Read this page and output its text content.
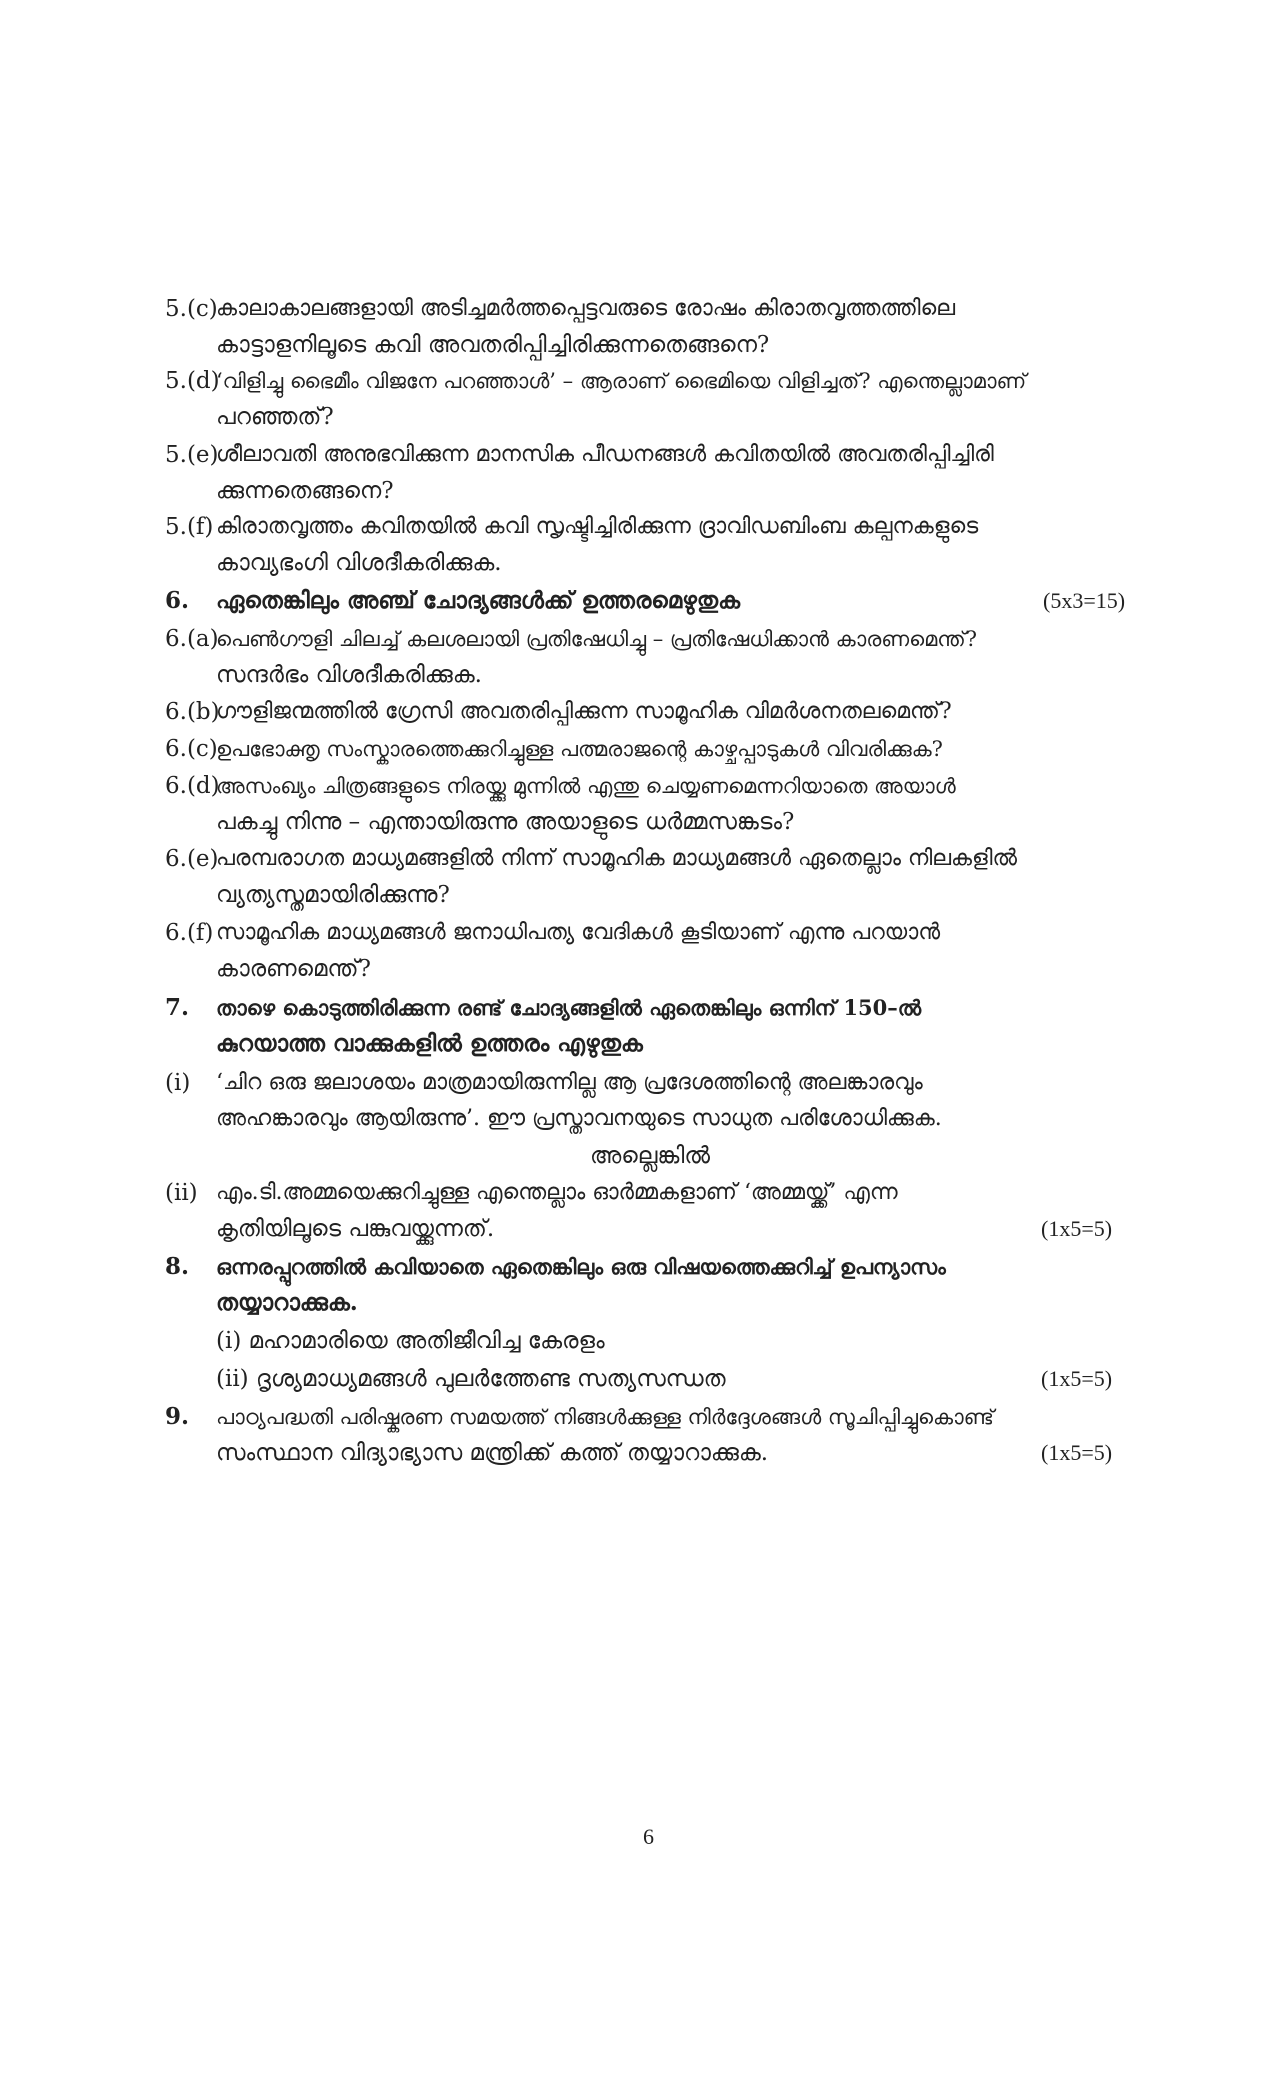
5.(c)
കാലാകാലങ്ങളായി അടിച്ചമർത്തപ്പെട്ടവരുടെ രോഷം കിരാതവൃത്തത്തിലെ
കാട്ടാളനിലൂടെ കവി അവതരിപ്പിച്ചിരിക്കുന്നതെങ്ങനെ?
5.(d)
‘വിളിച്ചു ഭൈമീം വിജനേ പറഞ്ഞാൾ’ – ആരാണ് ഭൈമിയെ വിളിച്ചത്? എന്തെല്ലാമാണ്
പറഞ്ഞത്?
5.(e)
ശീലാവതി അനുഭവിക്കുന്ന മാനസിക പീഡനങ്ങൾ കവിതയിൽ അവതരിപ്പിച്ചിരി
ക്കുന്നതെങ്ങനെ?
5.(f) കിരാതവൃത്തം കവിതയിൽ കവി സൃഷ്ടിച്ചിരിക്കുന്ന ദ്രാവിഡബിംബ കല്പനകളുടെ
കാവ്യഭംഗി വിശദീകരിക്കുക.
6. ഏതെങ്കിലും അഞ്ച് ചോദ്യങ്ങൾക്ക് ഉത്തരമെഴുതുക	(5x3=15)
6.(a)
പെൺഗൗളി ചിലച്ച് കലശലായി പ്രതിഷേധിച്ചു – പ്രതിഷേധിക്കാൻ കാരണമെന്ത്?
സന്ദർഭം വിശദീകരിക്കുക.
6.(b)
ഗൗളിജന്മത്തിൽ ഗ്രേസി അവതരിപ്പിക്കുന്ന സാമൂഹിക വിമർശനതലമെന്ത്?
6.(c)
ഉപഭോക്തൃ സംസ്കാരത്തെക്കുറിച്ചുള്ള പത്മരാജന്റെ കാഴ്ചപ്പാടുകൾ വിവരിക്കുക?
6.(d)
അസംഖ്യം ചിത്രങ്ങളുടെ നിരയ്ക്കു മുന്നിൽ എന്തു ചെയ്യണമെന്നറിയാതെ അയാൾ
പകച്ചു നിന്നു – എന്തായിരുന്നു അയാളുടെ ധർമ്മസങ്കടം?
6.(e)
പരമ്പരാഗത മാധ്യമങ്ങളിൽ നിന്ന് സാമൂഹിക മാധ്യമങ്ങൾ ഏതെല്ലാം നിലകളിൽ
വ്യത്യസ്തമായിരിക്കുന്നു?
6.(f) സാമൂഹിക മാധ്യമങ്ങൾ ജനാധിപത്യ വേദികൾ കൂടിയാണ് എന്നു പറയാൻ
കാരണമെന്ത്?
7. താഴെ കൊടുത്തിരിക്കുന്ന രണ്ട് ചോദ്യങ്ങളിൽ ഏതെങ്കിലും ഒന്നിന് 150–ൽ
കുറയാത്ത വാക്കുകളിൽ ഉത്തരം എഴുതുക
(i) ‘ചിറ ഒരു ജലാശയം മാത്രമായിരുന്നില്ല ആ പ്രദേശത്തിന്റെ അലങ്കാരവും
അഹങ്കാരവും ആയിരുന്നു’. ഈ പ്രസ്താവനയുടെ സാധുത പരിശോധിക്കുക.
അല്ലെങ്കിൽ
(ii) എം.ടി.അമ്മയെക്കുറിച്ചുള്ള എന്തെല്ലാം ഓർമ്മകളാണ് ‘അമ്മയ്ക്ക്’ എന്ന
കൃതിയിലൂടെ പങ്കുവയ്ക്കുന്നത്.	(1x5=5)
8. ഒന്നരപ്പുറത്തിൽ കവിയാതെ ഏതെങ്കിലും ഒരു വിഷയത്തെക്കുറിച്ച് ഉപന്യാസം
തയ്യാറാക്കുക.
(i) മഹാമാരിയെ അതിജീവിച്ച കേരളം
(ii) ദൃശ്യമാധ്യമങ്ങൾ പുലർത്തേണ്ട സത്യസന്ധത	(1x5=5)
9. പാഠ്യപദ്ധതി പരിഷ്കരണ സമയത്ത് നിങ്ങൾക്കുള്ള നിർദ്ദേശങ്ങൾ സൂചിപ്പിച്ചുകൊണ്ട്
സംസ്ഥാന വിദ്യാഭ്യാസ മന്ത്രിക്ക് കത്ത് തയ്യാറാക്കുക.	(1x5=5)
6
